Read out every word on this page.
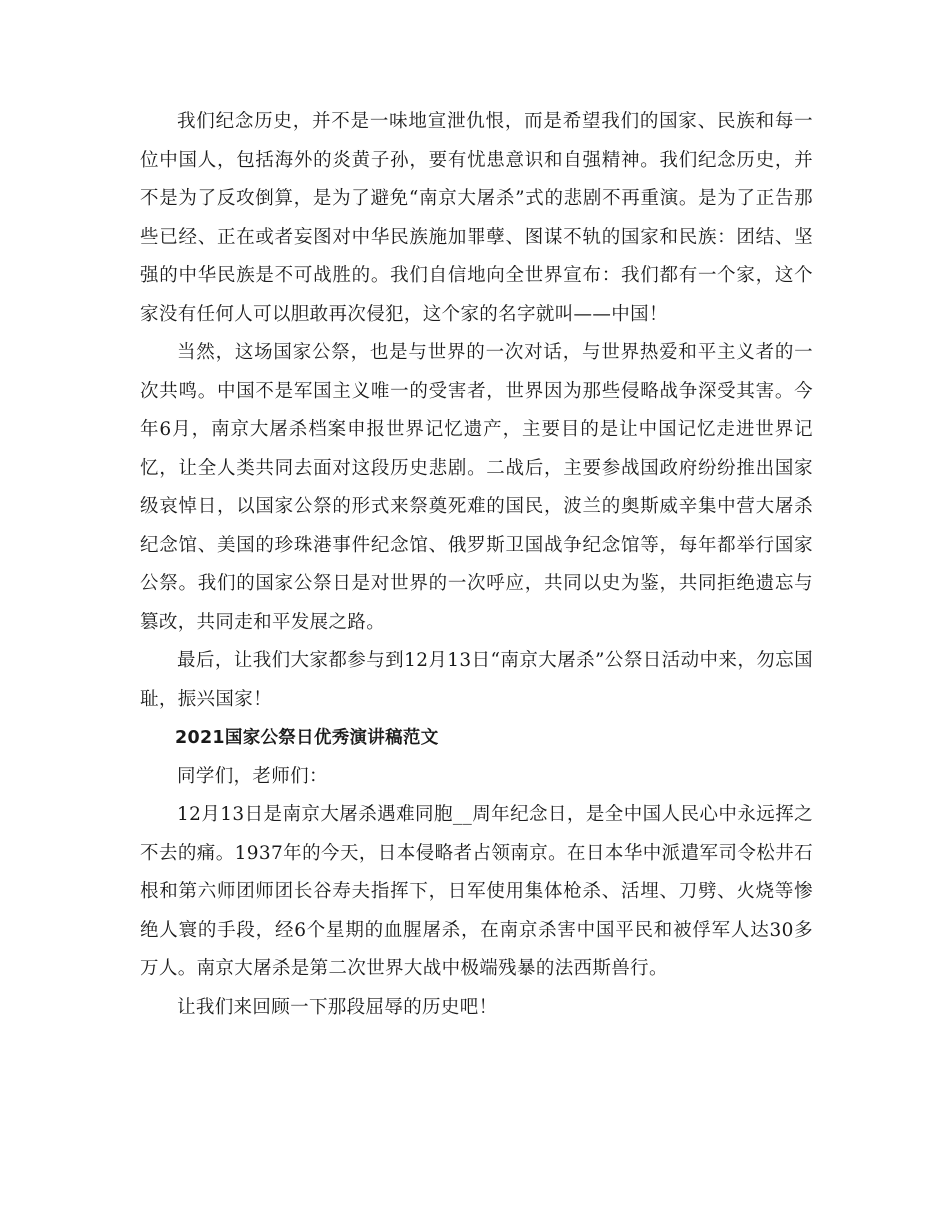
我们纪念历史，并不是一味地宣泄仇恨，而是希望我们的国家、民族和每一位中国人，包括海外的炎黄子孙，要有忧患意识和自强精神。我们纪念历史，并不是为了反攻倒算，是为了避免“南京大屠杀”式的悲剧不再重演。是为了正告那些已经、正在或者妄图对中华民族施加罪孽、图谋不轨的国家和民族：团结、坚强的中华民族是不可战胜的。我们自信地向全世界宣布：我们都有一个家，这个家没有任何人可以胆敢再次侵犯，这个家的名字就叫——中国！

当然，这场国家公祭，也是与世界的一次对话，与世界热爱和平主义者的一次共鸣。中国不是军国主义唯一的受害者，世界因为那些侵略战争深受其害。今年6月，南京大屠杀档案申报世界记忆遗产，主要目的是让中国记忆走进世界记忆，让全人类共同去面对这段历史悲剧。二战后，主要参战国政府纷纷推出国家级哀悼日，以国家公祭的形式来祭奠死难的国民，波兰的奥斯威辛集中营大屠杀纪念馆、美国的珍珠港事件纪念馆、俄罗斯卫国战争纪念馆等，每年都举行国家公祭。我们的国家公祭日是对世界的一次呼应，共同以史为鉴，共同拒绝遗忘与篡改，共同走和平发展之路。

最后，让我们大家都参与到12月13日“南京大屠杀”公祭日活动中来，勿忘国耻，振兴国家！

2021国家公祭日优秀演讲稿范文

同学们，老师们：

12月13日是南京大屠杀遇难同胞__周年纪念日，是全中国人民心中永远挥之不去的痛。1937年的今天，日本侵略者占领南京。在日本华中派遣军司令松井石根和第六师团师团长谷寿夫指挥下，日军使用集体枪杀、活埋、刀劈、火烧等惨绝人寰的手段，经6个星期的血腥屠杀，在南京杀害中国平民和被俘军人达30多万人。南京大屠杀是第二次世界大战中极端残暴的法西斯兽行。

让我们来回顾一下那段屈辱的历史吧！
